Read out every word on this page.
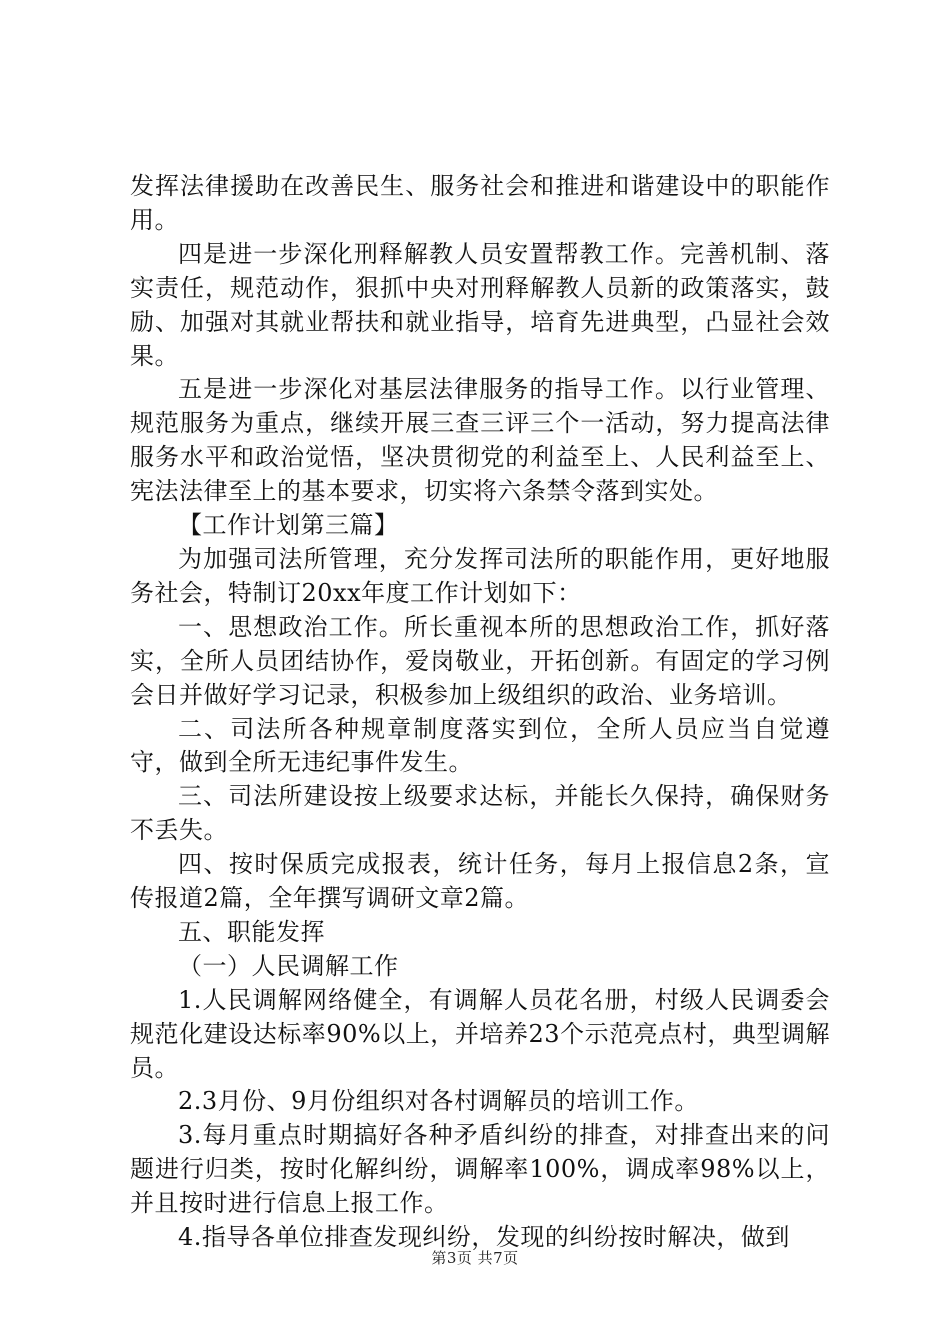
发挥法律援助在改善民生、服务社会和推进和谐建设中的职能作用。

四是进一步深化刑释解教人员安置帮教工作。完善机制、落实责任，规范动作，狠抓中央对刑释解教人员新的政策落实，鼓励、加强对其就业帮扶和就业指导，培育先进典型，凸显社会效果。

五是进一步深化对基层法律服务的指导工作。以行业管理、规范服务为重点，继续开展三查三评三个一活动，努力提高法律服务水平和政治觉悟，坚决贯彻党的利益至上、人民利益至上、宪法法律至上的基本要求，切实将六条禁令落到实处。

【工作计划第三篇】

为加强司法所管理，充分发挥司法所的职能作用，更好地服务社会，特制订20xx年度工作计划如下：

一、思想政治工作。所长重视本所的思想政治工作，抓好落实，全所人员团结协作，爱岗敬业，开拓创新。有固定的学习例会日并做好学习记录，积极参加上级组织的政治、业务培训。

二、司法所各种规章制度落实到位，全所人员应当自觉遵守，做到全所无违纪事件发生。

三、司法所建设按上级要求达标，并能长久保持，确保财务不丢失。

四、按时保质完成报表，统计任务，每月上报信息2条，宣传报道2篇，全年撰写调研文章2篇。

五、职能发挥

（一）人民调解工作

1.人民调解网络健全，有调解人员花名册，村级人民调委会规范化建设达标率90%以上，并培养23个示范亮点村，典型调解员。

2.3月份、9月份组织对各村调解员的培训工作。

3.每月重点时期搞好各种矛盾纠纷的排查，对排查出来的问题进行归类，按时化解纠纷，调解率100%，调成率98%以上，并且按时进行信息上报工作。

4.指导各单位排查发现纠纷，发现的纠纷按时解决，做到

第3页 共7页
